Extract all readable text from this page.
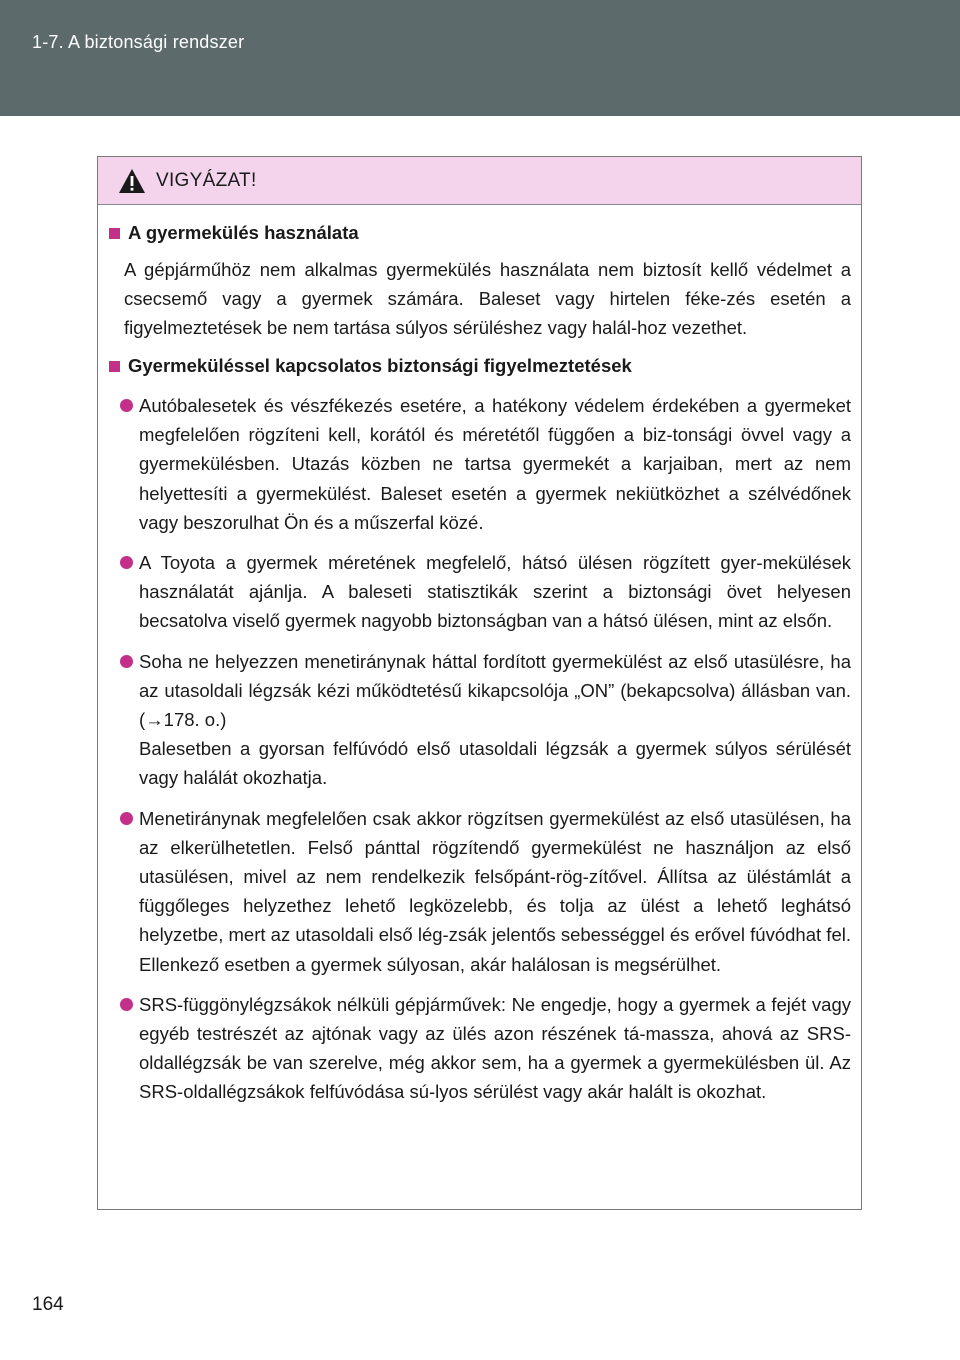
1-7. A biztonsági rendszer
VIGYÁZAT!
A gyermekülés használata

A gépjárműhöz nem alkalmas gyermekülés használata nem biztosít kellő védelmet a csecsemő vagy a gyermek számára. Baleset vagy hirtelen féke-zés esetén a figyelmeztetések be nem tartása súlyos sérüléshez vagy halál-hoz vezethet.

Gyermeküléssel kapcsolatos biztonsági figyelmeztetések
Autóbalesetek és vészfékezés esetére, a hatékony védelem érdekében a gyermeket megfelelően rögzíteni kell, korától és méretétől függően a biz-tonsági övvel vagy a gyermekülésben. Utazás közben ne tartsa gyermekét a karjaiban, mert az nem helyettesíti a gyermekülést. Baleset esetén a gyermek nekiütközhet a szélvédőnek vagy beszorulhat Ön és a műszerfal közé.
A Toyota a gyermek méretének megfelelő, hátsó ülésen rögzített gyer-mekülések használatát ajánlja. A baleseti statisztikák szerint a biztonsági övet helyesen becsatolva viselő gyermek nagyobb biztonságban van a hátsó ülésen, mint az elsőn.
Soha ne helyezzen menetiránynak háttal fordított gyermekülést az első utasülésre, ha az utasoldali légzsák kézi működtetésű kikapcsolója „ON” (bekapcsolva) állásban van. (→178. o.)
Balesetben a gyorsan felfúvódó első utasoldali légzsák a gyermek súlyos sérülését vagy halálát okozhatja.
Menetiránynak megfelelően csak akkor rögzítsen gyermekülést az első utasülésen, ha az elkerülhetetlen. Felső pánttal rögzítendő gyermekülést ne használjon az első utasülésen, mivel az nem rendelkezik felsőpánt-rög-zítővel. Állítsa az üléstámlát a függőleges helyzethez lehető legközelebb, és tolja az ülést a lehető leghátsó helyzetbe, mert az utasoldali első lég-zsák jelentős sebességgel és erővel fúvódhat fel. Ellenkező esetben a gyermek súlyosan, akár halálosan is megsérülhet.
SRS-függönylégzsákok nélküli gépjárművek: Ne engedje, hogy a gyermek a fejét vagy egyéb testrészét az ajtónak vagy az ülés azon részének tá-massza, ahová az SRS-oldallégzsák be van szerelve, még akkor sem, ha a gyermek a gyermekülésben ül. Az SRS-oldallégzsákok felfúvódása sú-lyos sérülést vagy akár halált is okozhat.
164
